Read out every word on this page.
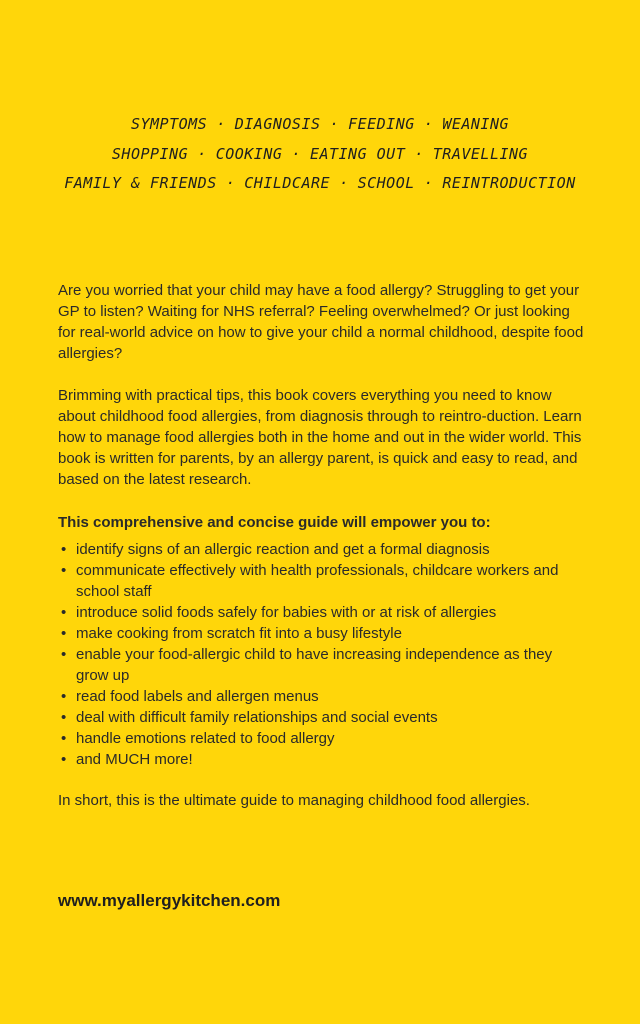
SYMPTOMS · DIAGNOSIS · FEEDING · WEANING
SHOPPING · COOKING · EATING OUT · TRAVELLING
FAMILY & FRIENDS · CHILDCARE · SCHOOL · REINTRODUCTION

Are you worried that your child may have a food allergy? Struggling to get your GP to listen? Waiting for NHS referral? Feeling overwhelmed? Or just looking for real-world advice on how to give your child a normal childhood, despite food allergies?

Brimming with practical tips, this book covers everything you need to know about childhood food allergies, from diagnosis through to reintro-duction. Learn how to manage food allergies both in the home and out in the wider world. This book is written for parents, by an allergy parent, is quick and easy to read, and based on the latest research.

This comprehensive and concise guide will empower you to:

• identify signs of an allergic reaction and get a formal diagnosis
• communicate effectively with health professionals, childcare workers and school staff
• introduce solid foods safely for babies with or at risk of allergies
• make cooking from scratch fit into a busy lifestyle
• enable your food-allergic child to have increasing independence as they grow up
• read food labels and allergen menus
• deal with difficult family relationships and social events
• handle emotions related to food allergy
• and MUCH more!

In short, this is the ultimate guide to managing childhood food allergies.

www.myallergykitchen.com
